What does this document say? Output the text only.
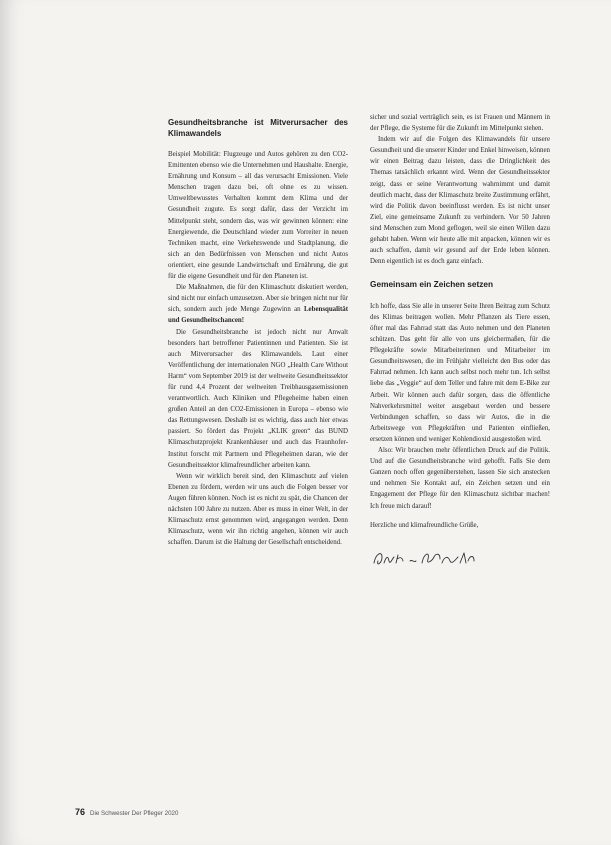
Gesundheitsbranche ist Mitverursacher des Klimawandels

Beispiel Mobilität: Flugzeuge und Autos gehören zu den CO2-Emittenten ebenso wie die Unternehmen und Haushalte. Energie, Ernährung und Konsum – all das verursacht Emissionen. Viele Menschen tragen dazu bei, oft ohne es zu wissen. Umweltbewusstes Verhalten kommt dem Klima und der Gesundheit zugute. Es sorgt dafür, dass der Verzicht im Mittelpunkt steht, sondern das, was wir gewinnen können: eine Energiewende, die Deutschland wieder zum Vorreiter in neuen Techniken macht, eine Verkehrswende und Stadtplanung, die sich an den Bedürfnissen von Menschen und nicht Autos orientiert, eine gesunde Landwirtschaft und Ernährung, die gut für die eigene Gesundheit und für den Planeten ist.

Die Maßnahmen, die für den Klimaschutz diskutiert werden, sind nicht nur einfach umzusetzen. Aber sie bringen nicht nur für sich, sondern auch jede Menge Zugewinn an Lebensqualität und Gesundheitschancen!

Die Gesundheitsbranche ist jedoch nicht nur Anwalt besonders hart betroffener Patientinnen und Patienten. Sie ist auch Mitverursacher des Klimawandels. Laut einer Veröffentlichung der internationalen NGO „Health Care Without Harm“ vom September 2019 ist der weltweite Gesundheitssektor für rund 4,4 Prozent der weltweiten Treibhausgasemissionen verantwortlich. Auch Kliniken und Pflegeheime haben einen großen Anteil an den CO2-Emissionen in Europa – ebenso wie das Rettungswesen. Deshalb ist es wichtig, dass auch hier etwas passiert. So fördert das Projekt „KLIK green“ das BUND Klimaschutzprojekt Krankenhäuser und auch das Fraunhofer-Institut forscht mit Partnern und Pflegeheimen daran, wie der Gesundheitssektor klimafreundlicher arbeiten kann.

Wenn wir wirklich bereit sind, den Klimaschutz auf vielen Ebenen zu fördern, werden wir uns auch die Folgen besser vor Augen führen können. Noch ist es nicht zu spät, die Chancen der nächsten 100 Jahre zu nutzen. Aber es muss in einer Welt, in der Klimaschutz ernst genommen wird, angegangen werden. Denn Klimaschutz, wenn wir ihn richtig angehen, können wir auch schaffen. Darum ist die Haltung der Gesellschaft entscheidend.

sicher und sozial verträglich sein, es ist Frauen und Männern in der Pflege, die Systeme für die Zukunft im Mittelpunkt stehen.

Indem wir auf die Folgen des Klimawandels für unsere Gesundheit und die unserer Kinder und Enkel hinweisen, können wir einen Beitrag dazu leisten, dass die Dringlichkeit des Themas tatsächlich erkannt wird. Wenn der Gesundheitssektor zeigt, dass er seine Verantwortung wahrnimmt und damit deutlich macht, dass der Klimaschutz breite Zustimmung erfährt, wird die Politik davon beeinflusst werden. Es ist nicht unser Ziel, eine gemeinsame Zukunft zu verhindern. Vor 50 Jahren sind Menschen zum Mond geflogen, weil sie einen Willen dazu gehabt haben. Wenn wir heute alle mit anpacken, können wir es auch schaffen, damit wir gesund auf der Erde leben können. Denn eigentlich ist es doch ganz einfach.

Gemeinsam ein Zeichen setzen

Ich hoffe, dass Sie alle in unserer Seite Ihren Beitrag zum Schutz des Klimas beitragen wollen. Mehr Pflanzen als Tiere essen, öfter mal das Fahrrad statt das Auto nehmen und den Planeten schützen. Das geht für alle von uns gleichermaßen, für die Pflegekräfte sowie Mitarbeiterinnen und Mitarbeiter im Gesundheitswesen, die im Frühjahr vielleicht den Bus oder das Fahrrad nehmen. Ich kann auch selbst noch mehr tun. Ich selbst liebe das „Veggie“ auf dem Teller und fahre mit dem E-Bike zur Arbeit. Wir können auch dafür sorgen, dass die öffentliche Nahverkehrsmittel weiter ausgebaut werden und bessere Verbindungen schaffen, so dass wir Autos, die in die Arbeitswege von Pflegekräften und Patienten einfließen, ersetzen können und weniger Kohlendioxid ausgestoßen wird.

Also: Wir brauchen mehr öffentlichen Druck auf die Politik. Und auf die Gesundheitsbranche wird gehofft. Falls Sie dem Ganzen noch offen gegenüberstehen, lassen Sie sich anstecken und nehmen Sie Kontakt auf, ein Zeichen setzen und ein Engagement der Pflege für den Klimaschutz sichtbar machen! Ich freue mich darauf!

Herzliche und klimafreundliche Grüße,

76 Die Schwester Der Pfleger 2020
